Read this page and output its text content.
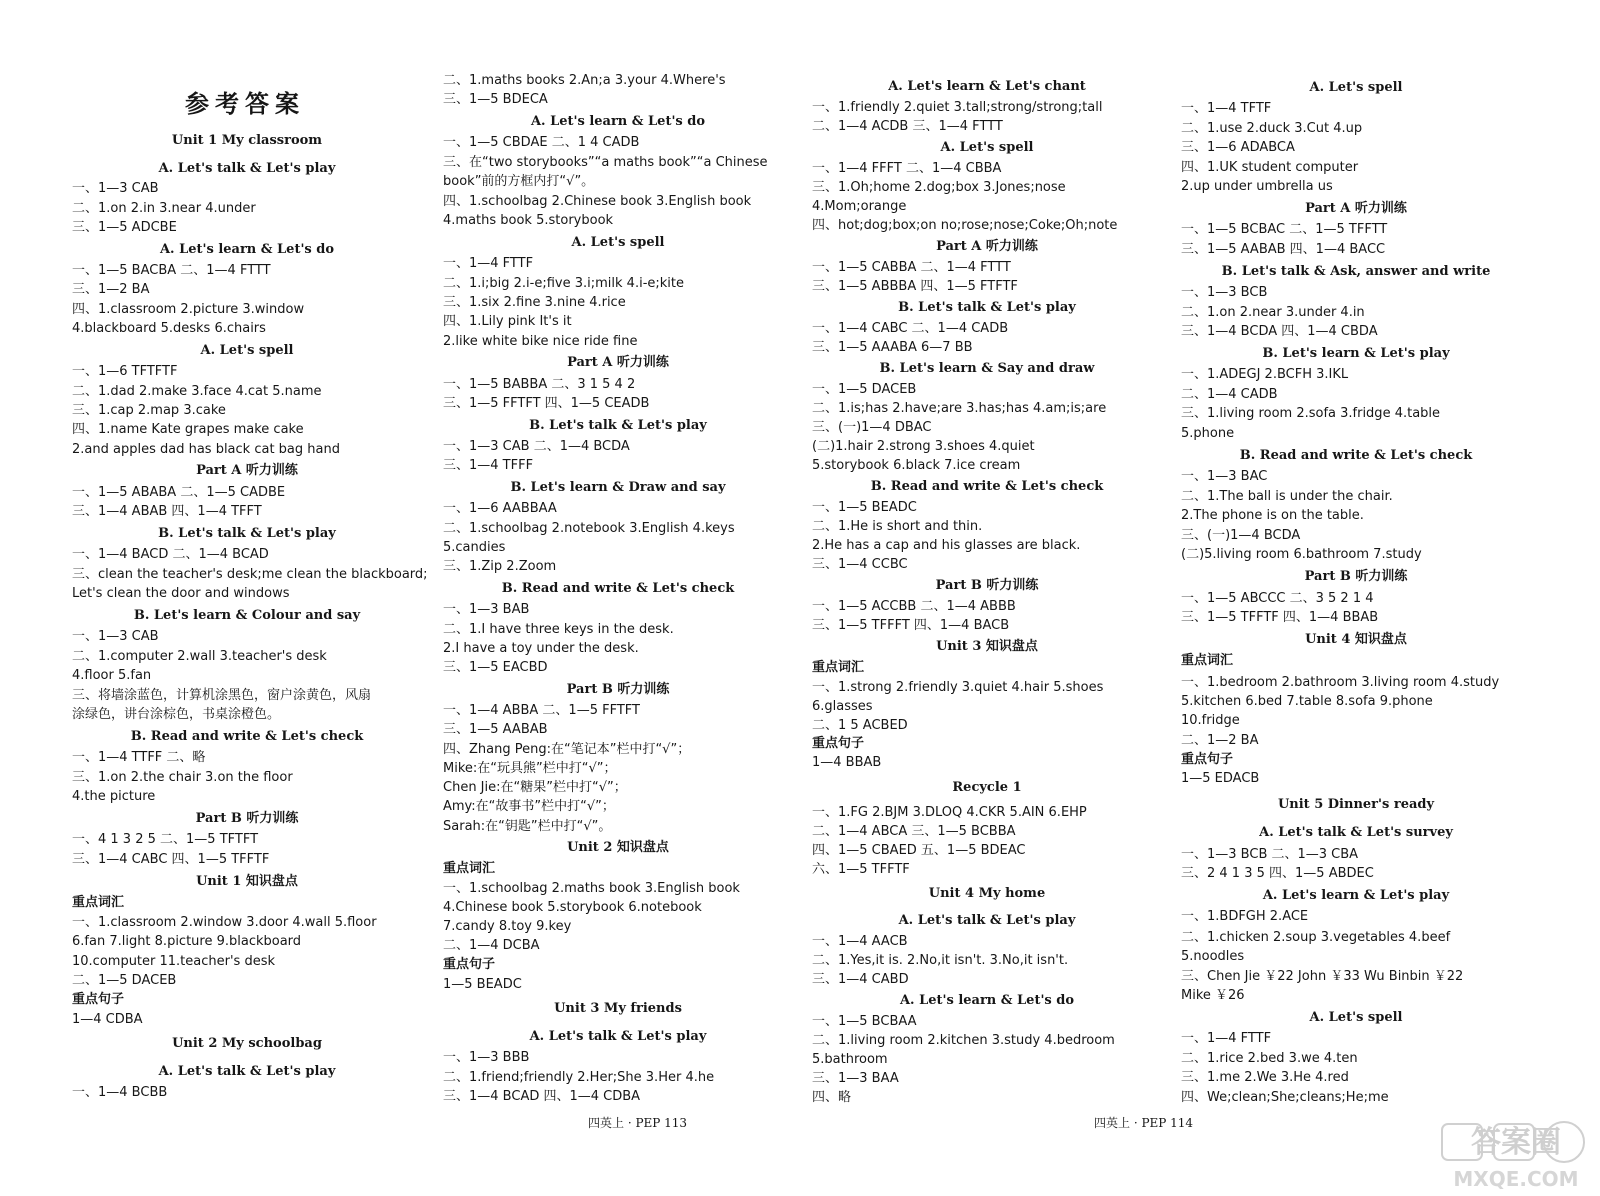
参考答案
Unit 1 My classroom
A. Let's talk & Let's play
一、1—3 CAB
二、1.on 2.in 3.near 4.under
三、1—5 ADCBE
A. Let's learn & Let's do
一、1—5 BACBA 二、1—4 FTTT
三、1—2 BA
四、1.classroom 2.picture 3.window
4.blackboard 5.desks 6.chairs
A. Let's spell
一、1—6 TFTFTF
二、1.dad 2.make 3.face 4.cat 5.name
三、1.cap 2.map 3.cake
四、1.name Kate grapes make cake
2.and apples dad has black cat bag hand
Part A 听力训练
一、1—5 ABABA 二、1—5 CADBE
三、1—4 ABAB 四、1—4 TFFT
B. Let's talk & Let's play
一、1—4 BACD 二、1—4 BCAD
三、clean the teacher's desk;me clean the blackboard;
Let's clean the door and windows
B. Let's learn & Colour and say
一、1—3 CAB
二、1.computer 2.wall 3.teacher's desk
4.floor 5.fan
三、将墙涂蓝色，计算机涂黑色，窗户涂黄色，风扇
涂绿色，讲台涂棕色，书桌涂橙色。
B. Read and write & Let's check
一、1—4 TTFF 二、略
三、1.on 2.the chair 3.on the floor
4.the picture
Part B 听力训练
一、4 1 3 2 5 二、1—5 TFTFT
三、1—4 CABC 四、1—5 TFFTF
Unit 1 知识盘点
重点词汇
一、1.classroom 2.window 3.door 4.wall 5.floor
6.fan 7.light 8.picture 9.blackboard
10.computer 11.teacher's desk
二、1—5 DACEB
重点句子
1—4 CDBA
Unit 2 My schoolbag
A. Let's talk & Let's play
一、1—4 BCBB
二、1.maths books 2.An;a 3.your 4.Where's
三、1—5 BDECA
A. Let's learn & Let's do
一、1—5 CBDAE 二、1 4 CADB
三、在“two storybooks”“a maths book”“a Chinese
book”前的方框内打“√”。
四、1.schoolbag 2.Chinese book 3.English book
4.maths book 5.storybook
A. Let's spell
一、1—4 FTTF
二、1.i;big 2.i-e;five 3.i;milk 4.i-e;kite
三、1.six 2.fine 3.nine 4.rice
四、1.Lily pink It's it
2.like white bike nice ride fine
Part A 听力训练
一、1—5 BABBA 二、3 1 5 4 2
三、1—5 FFTFT 四、1—5 CEADB
B. Let's talk & Let's play
一、1—3 CAB 二、1—4 BCDA
三、1—4 TFFF
B. Let's learn & Draw and say
一、1—6 AABBAA
二、1.schoolbag 2.notebook 3.English 4.keys
5.candies
三、1.Zip 2.Zoom
B. Read and write & Let's check
一、1—3 BAB
二、1.I have three keys in the desk.
2.I have a toy under the desk.
三、1—5 EACBD
Part B 听力训练
一、1—4 ABBA 二、1—5 FFTFT
三、1—5 AABAB
四、Zhang Peng:在“笔记本”栏中打“√”；
Mike:在“玩具熊”栏中打“√”；
Chen Jie:在“糖果”栏中打“√”；
Amy:在“故事书”栏中打“√”；
Sarah:在“钥匙”栏中打“√”。
Unit 2 知识盘点
重点词汇
一、1.schoolbag 2.maths book 3.English book
4.Chinese book 5.storybook 6.notebook
7.candy 8.toy 9.key
二、1—4 DCBA
重点句子
1—5 BEADC
Unit 3 My friends
A. Let's talk & Let's play
一、1—3 BBB
二、1.friend;friendly 2.Her;She 3.Her 4.he
三、1—4 BCAD 四、1—4 CDBA
A. Let's learn & Let's chant
一、1.friendly 2.quiet 3.tall;strong/strong;tall
二、1—4 ACDB 三、1—4 FTTT
A. Let's spell
一、1—4 FFFT 二、1—4 CBBA
三、1.Oh;home 2.dog;box 3.Jones;nose
4.Mom;orange
四、hot;dog;box;on no;rose;nose;Coke;Oh;note
Part A 听力训练
一、1—5 CABBA 二、1—4 FTTT
三、1—5 ABBBA 四、1—5 FTFTF
B. Let's talk & Let's play
一、1—4 CABC 二、1—4 CADB
三、1—5 AAABA 6—7 BB
B. Let's learn & Say and draw
一、1—5 DACEB
二、1.is;has 2.have;are 3.has;has 4.am;is;are
三、(一)1—4 DBAC
(二)1.hair 2.strong 3.shoes 4.quiet
5.storybook 6.black 7.ice cream
B. Read and write & Let's check
一、1—5 BEADC
二、1.He is short and thin.
2.He has a cap and his glasses are black.
三、1—4 CCBC
Part B 听力训练
一、1—5 ACCBB 二、1—4 ABBB
三、1—5 TFFFT 四、1—4 BACB
Unit 3 知识盘点
重点词汇
一、1.strong 2.friendly 3.quiet 4.hair 5.shoes
6.glasses
二、1 5 ACBED
重点句子
1—4 BBAB
Recycle 1
一、1.FG 2.BJM 3.DLOQ 4.CKR 5.AIN 6.EHP
二、1—4 ABCA 三、1—5 BCBBA
四、1—5 CBAED 五、1—5 BDEAC
六、1—5 TFFTF
Unit 4 My home
A. Let's talk & Let's play
一、1—4 AACB
二、1.Yes,it is. 2.No,it isn't. 3.No,it isn't.
三、1—4 CABD
A. Let's learn & Let's do
一、1—5 BCBAA
二、1.living room 2.kitchen 3.study 4.bedroom
5.bathroom
三、1—3 BAA
四、略
A. Let's spell
一、1—4 TFTF
二、1.use 2.duck 3.Cut 4.up
三、1—6 ADABCA
四、1.UK student computer
2.up under umbrella us
Part A 听力训练
一、1—5 BCBAC 二、1—5 TFFTT
三、1—5 AABAB 四、1—4 BACC
B. Let's talk & Ask, answer and write
一、1—3 BCB
二、1.on 2.near 3.under 4.in
三、1—4 BCDA 四、1—4 CBDA
B. Let's learn & Let's play
一、1.ADEGJ 2.BCFH 3.IKL
二、1—4 CADB
三、1.living room 2.sofa 3.fridge 4.table
5.phone
B. Read and write & Let's check
一、1—3 BAC
二、1.The ball is under the chair.
2.The phone is on the table.
三、(一)1—4 BCDA
(二)5.living room 6.bathroom 7.study
Part B 听力训练
一、1—5 ABCCC 二、3 5 2 1 4
三、1—5 TFFTF 四、1—4 BBAB
Unit 4 知识盘点
重点词汇
一、1.bedroom 2.bathroom 3.living room 4.study
5.kitchen 6.bed 7.table 8.sofa 9.phone
10.fridge
二、1—2 BA
重点句子
1—5 EDACB
Unit 5 Dinner's ready
A. Let's talk & Let's survey
一、1—3 BCB 二、1—3 CBA
三、2 4 1 3 5 四、1—5 ABDEC
A. Let's learn & Let's play
一、1.BDFGH 2.ACE
二、1.chicken 2.soup 3.vegetables 4.beef
5.noodles
三、Chen Jie ￥22 John ￥33 Wu Binbin ￥22
Mike ￥26
A. Let's spell
一、1—4 FTTF
二、1.rice 2.bed 3.we 4.ten
三、1.me 2.We 3.He 4.red
四、We;clean;She;cleans;He;me
四英上 · PEP 113	四英上 · PEP 114
答案圈
MXQE.COM
